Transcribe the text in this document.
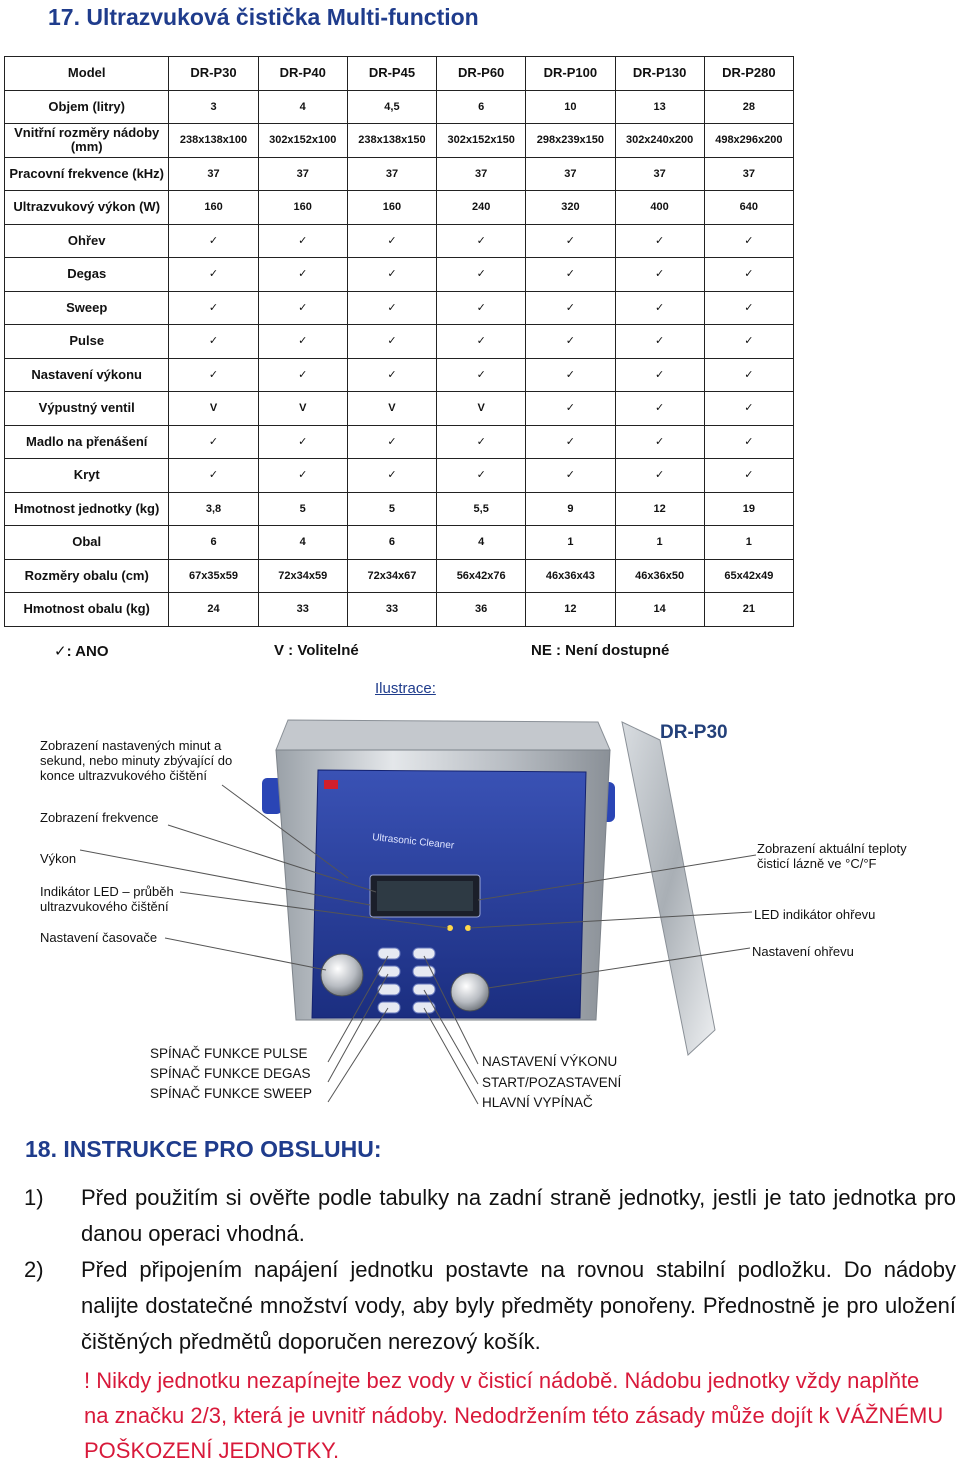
17. Ultrazvuková čistička Multi-function
Model	DR-P30	DR-P40	DR-P45	DR-P60	DR-P100	DR-P130	DR-P280
Objem (litry)	3	4	4,5	6	10	13	28
Vnitřní rozměry nádoby (mm)	238x138x100	302x152x100	238x138x150	302x152x150	298x239x150	302x240x200	498x296x200
Pracovní frekvence (kHz)	37	37	37	37	37	37	37
Ultrazvukový výkon (W)	160	160	160	240	320	400	640
Ohřev	✓	✓	✓	✓	✓	✓	✓
Degas	✓	✓	✓	✓	✓	✓	✓
Sweep	✓	✓	✓	✓	✓	✓	✓
Pulse	✓	✓	✓	✓	✓	✓	✓
Nastavení výkonu	✓	✓	✓	✓	✓	✓	✓
Výpustný ventil	V	V	V	V	✓	✓	✓
Madlo na přenášení	✓	✓	✓	✓	✓	✓	✓
Kryt	✓	✓	✓	✓	✓	✓	✓
Hmotnost jednotky (kg)	3,8	5	5	5,5	9	12	19
Obal	6	4	6	4	1	1	1
Rozměry obalu (cm)	67x35x59	72x34x59	72x34x67	56x42x76	46x36x43	46x36x50	65x42x49
Hmotnost obalu (kg)	24	33	33	36	12	14	21
✓: ANO	V : Volitelné	NE : Není dostupné
Ilustrace:
Ultrasonic Cleaner
DR-P30
Zobrazení nastavených minut a sekund, nebo minuty zbývající do konce ultrazvukového čištění
Zobrazení frekvence
Výkon
Indikátor LED – průběh ultrazvukového čištění
Nastavení časovače
Zobrazení aktuální teploty čisticí lázně ve °C/°F
LED indikátor ohřevu
Nastavení ohřevu
SPÍNAČ FUNKCE PULSE
SPÍNAČ FUNKCE DEGAS
SPÍNAČ FUNKCE SWEEP
NASTAVENÍ VÝKONU
START/POZASTAVENÍ
HLAVNÍ VYPÍNAČ
18. INSTRUKCE PRO OBSLUHU:
1) Před použitím si ověřte podle tabulky na zadní straně jednotky, jestli je tato jednotka pro danou operaci vhodná.
2) Před připojením napájení jednotku postavte na rovnou stabilní podložku. Do nádoby nalijte dostatečné množství vody, aby byly předměty ponořeny. Přednostně je pro uložení čištěných předmětů doporučen nerezový košík.
! Nikdy jednotku nezapínejte bez vody v čisticí nádobě. Nádobu jednotky vždy naplňte na značku 2/3, která je uvnitř nádoby. Nedodržením této zásady může dojít k VÁŽNÉMU POŠKOZENÍ JEDNOTKY.
